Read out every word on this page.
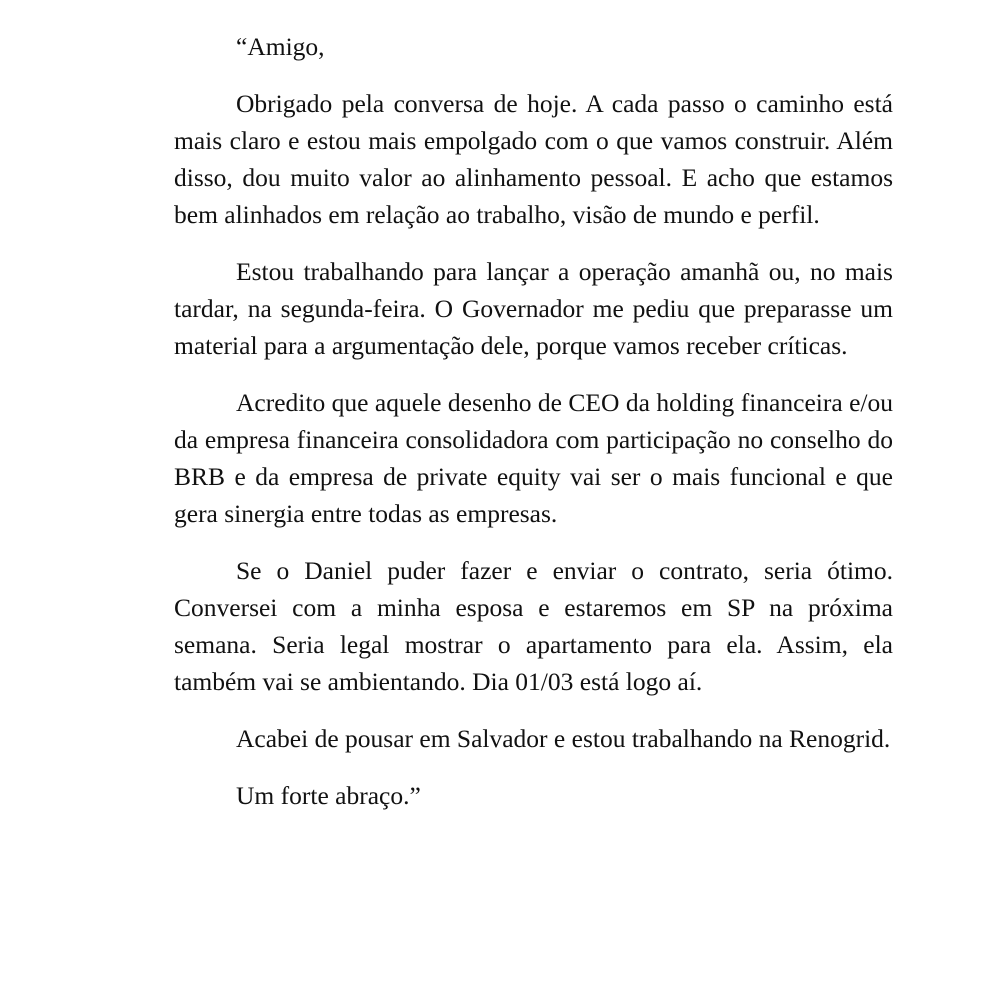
“Amigo,

Obrigado pela conversa de hoje. A cada passo o caminho está mais claro e estou mais empolgado com o que vamos construir. Além disso, dou muito valor ao alinhamento pessoal. E acho que estamos bem alinhados em relação ao trabalho, visão de mundo e perfil.

Estou trabalhando para lançar a operação amanhã ou, no mais tardar, na segunda-feira. O Governador me pediu que preparasse um material para a argumentação dele, porque vamos receber críticas.

Acredito que aquele desenho de CEO da holding financeira e/ou da empresa financeira consolidadora com participação no conselho do BRB e da empresa de private equity vai ser o mais funcional e que gera sinergia entre todas as empresas.

Se o Daniel puder fazer e enviar o contrato, seria ótimo. Conversei com a minha esposa e estaremos em SP na próxima semana. Seria legal mostrar o apartamento para ela. Assim, ela também vai se ambientando. Dia 01/03 está logo aí.

Acabei de pousar em Salvador e estou trabalhando na Renogrid.

Um forte abraço.”
